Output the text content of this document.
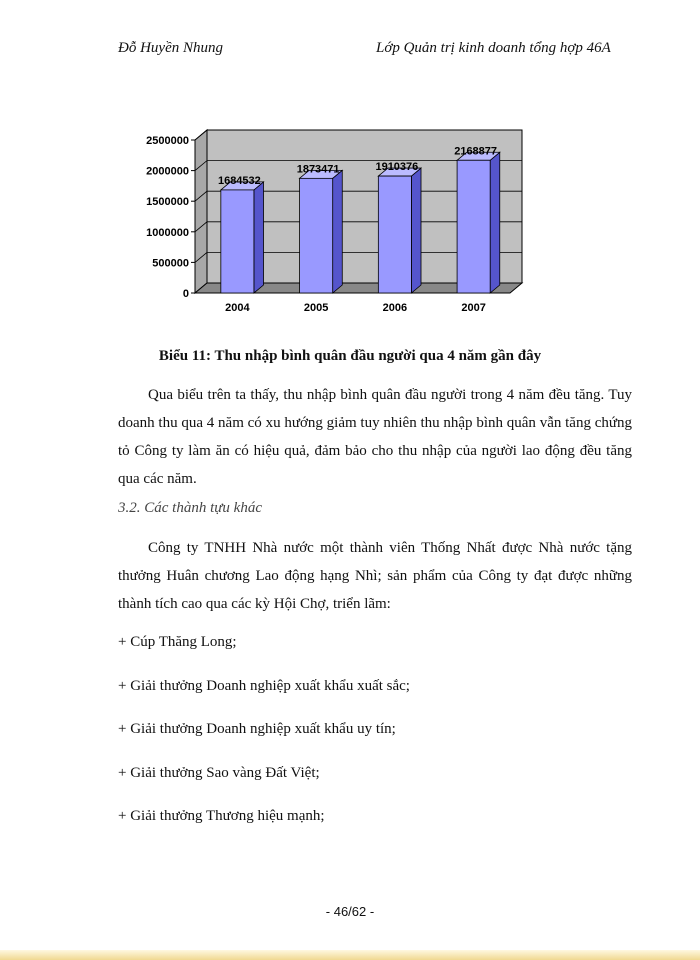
Đỗ Huyền Nhung	Lớp Quản trị kinh doanh tổng hợp 46A
0
500000
1000000
1500000
2000000
2500000
1684532
2004
1873471
2005
1910376
2006
2168877
2007
Biểu 11: Thu nhập bình quân đầu người qua 4 năm gần đây

Qua biểu trên ta thấy, thu nhập bình quân đầu người trong 4 năm đều tăng. Tuy doanh thu qua 4 năm có xu hướng giảm tuy nhiên thu nhập bình quân vẫn tăng chứng tỏ Công ty làm ăn có hiệu quả, đảm bảo cho thu nhập của người lao động đều tăng qua các năm.

3.2. Các thành tựu khác

Công ty TNHH Nhà nước một thành viên Thống Nhất được Nhà nước tặng thưởng Huân chương Lao động hạng Nhì; sản phẩm của Công ty đạt được những thành tích cao qua các kỳ Hội Chợ, triển lãm:

+ Cúp Thăng Long;

+ Giải thưởng Doanh nghiệp xuất khẩu xuất sắc;

+ Giải thưởng Doanh nghiệp xuất khẩu uy tín;

+ Giải thưởng Sao vàng Đất Việt;

+ Giải thưởng Thương hiệu mạnh;

- 46/62 -
